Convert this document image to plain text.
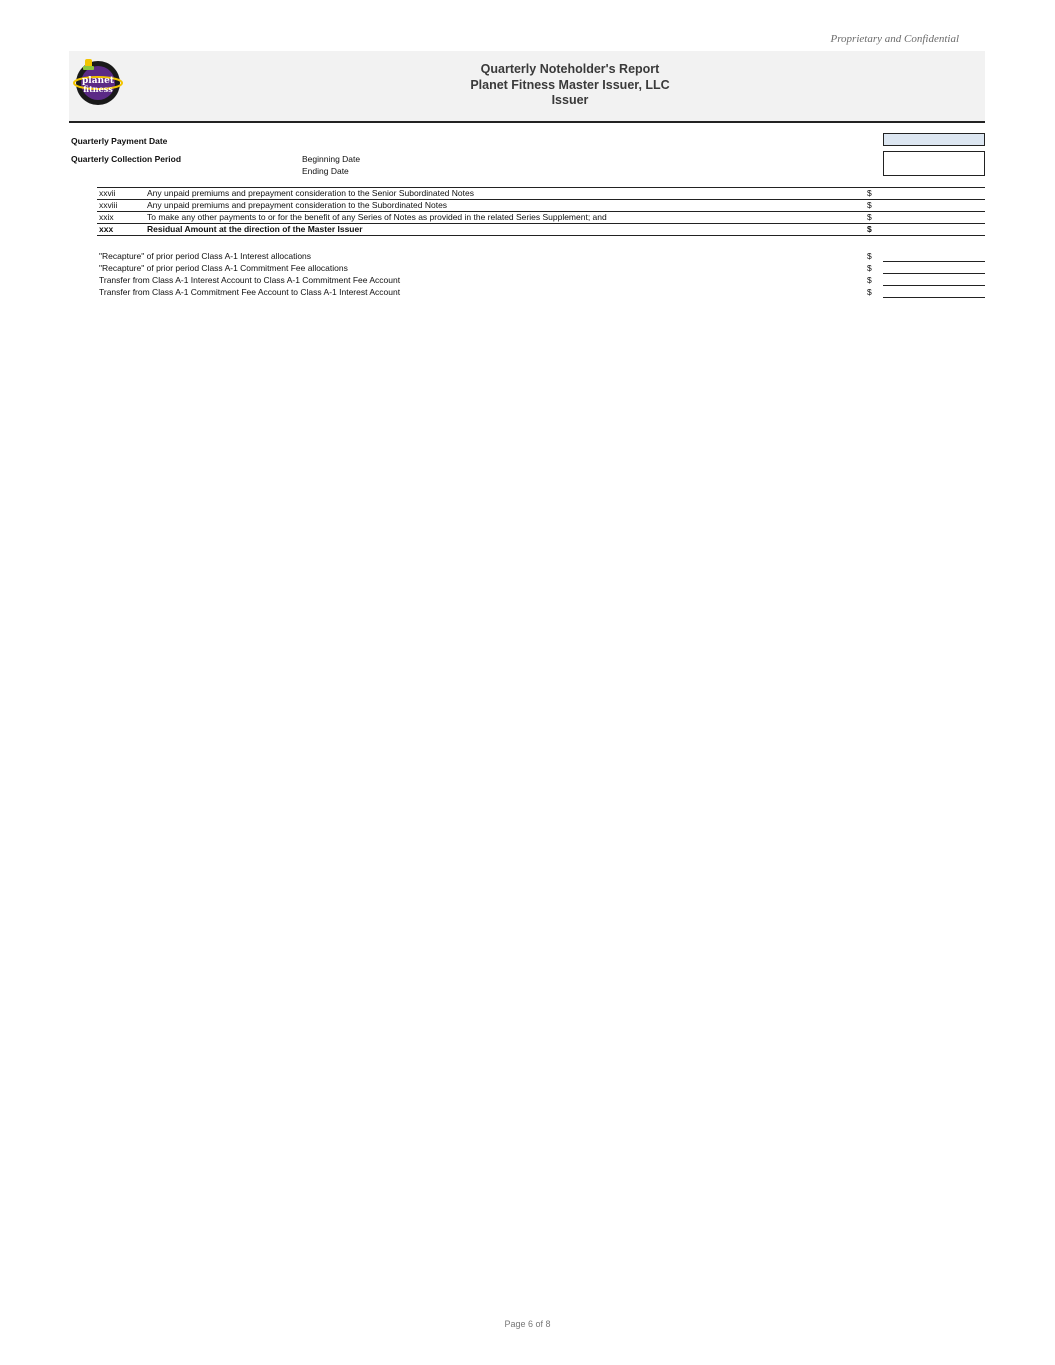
Proprietary and Confidential
planet
fitness
Quarterly Noteholder's Report
Planet Fitness Master Issuer, LLC
Issuer
Quarterly Payment Date
Quarterly Collection Period	Beginning Date
Ending Date
xxvii	Any unpaid premiums and prepayment consideration to the Senior Subordinated Notes	$
xxviii	Any unpaid premiums and prepayment consideration to the Subordinated Notes	$
xxix	To make any other payments to or for the benefit of any Series of Notes as provided in the related Series Supplement; and	$
xxx	Residual Amount at the direction of the Master Issuer	$
"Recapture" of prior period Class A-1 Interest allocations	$
"Recapture" of prior period Class A-1 Commitment Fee allocations	$
Transfer from Class A-1 Interest Account to Class A-1 Commitment Fee Account	$
Transfer from Class A-1 Commitment Fee Account to Class A-1 Interest Account	$
Page 6 of 8
